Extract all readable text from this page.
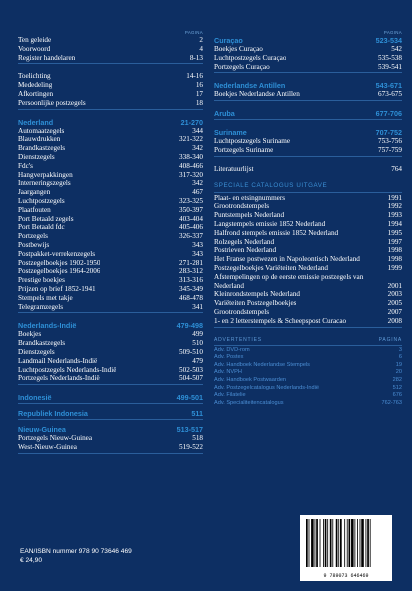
PAGINA
Ten geleide	2
Voorwoord	4
Register handelaren	8-13
Toelichting	14-16
Mededeling	16
Afkortingen	17
Persoonlijke postzegels	18
Nederland	21-270
Automaatzegels	344
Blauwdrukken	321-322
Brandkastzegels	342
Dienstzegels	338-340
Fdc's	408-466
Hangverpakkingen	317-320
Interneringszegels	342
Jaargangen	467
Luchtpostzegels	323-325
Plaatfouten	350-397
Port Betaald zegels	403-404
Port Betaald fdc	405-406
Portzegels	326-337
Postbewijs	343
Postpakket-verrekenzegels	343
Postzegelboekjes 1902-1950	271-281
Postzegelboekjes 1964-2006	283-312
Prestige boekjes	313-316
Prijzen op brief 1852-1941	345-349
Stempels met takje	468-478
Telegramzegels	341
Nederlands-Indië	479-498
Boekjes	499
Brandkastzegels	510
Dienstzegels	509-510
Landmail Nederlands-Indië	479
Luchtpostzegels Nederlands-Indië	502-503
Portzegels Nederlands-Indië	504-507
Indonesië	499-501
Republiek Indonesia	511
Nieuw-Guinea	513-517
Portzegels Nieuw-Guinea	518
West-Nieuw-Guinea	519-522
PAGINA
Curaçao	523-534
Boekjes Curaçao	542
Luchtpostzegels Curaçao	535-538
Portzegels Curaçao	539-541
Nederlandse Antillen	543-671
Boekjes Nederlandse Antillen	673-675
Aruba	677-706
Suriname	707-752
Luchtpostzegels Suriname	753-756
Portzegels Suriname	757-759
Literatuurlijst	764
SPECIALE CATALOGUS UITGAVE
Plaat- en etsingnummers	1991
Grootrondstempels	1992
Puntstempels Nederland	1993
Langstempels emissie 1852 Nederland	1994
Halfrond stempels emissie 1852 Nederland	1995
Rolzegels Nederland	1997
Postrieven Nederland	1998
Het Franse postwezen in Napoleontisch Nederland	1998
Postzegelboekjes Variëteiten Nederland	1999
Afstempelingen op de eerste emissie postzegels van Nederland	2001
Kleinrondstempels Nederland	2003
Variëteiten Postzegelboekjes	2005
Grootrondstempels	2007
1- en 2 letterstempels & Scheepspost Curacao	2008
ADVERTENTIES	PAGINA
Adv. DVD-rom	3
Adv. Postex	6
Adv. Handboek Nederlandse Stempels	19
Adv. NVPH	20
Adv. Handboek Postwaarden	282
Adv. Postzegelcatalogus Nederlands-Indië	512
Adv. Filatelie	676
Adv. Specialiteitencatalogus	762-763
EAN/ISBN nummer 978 90 73646 469
€ 24,90
9 789073 646469
